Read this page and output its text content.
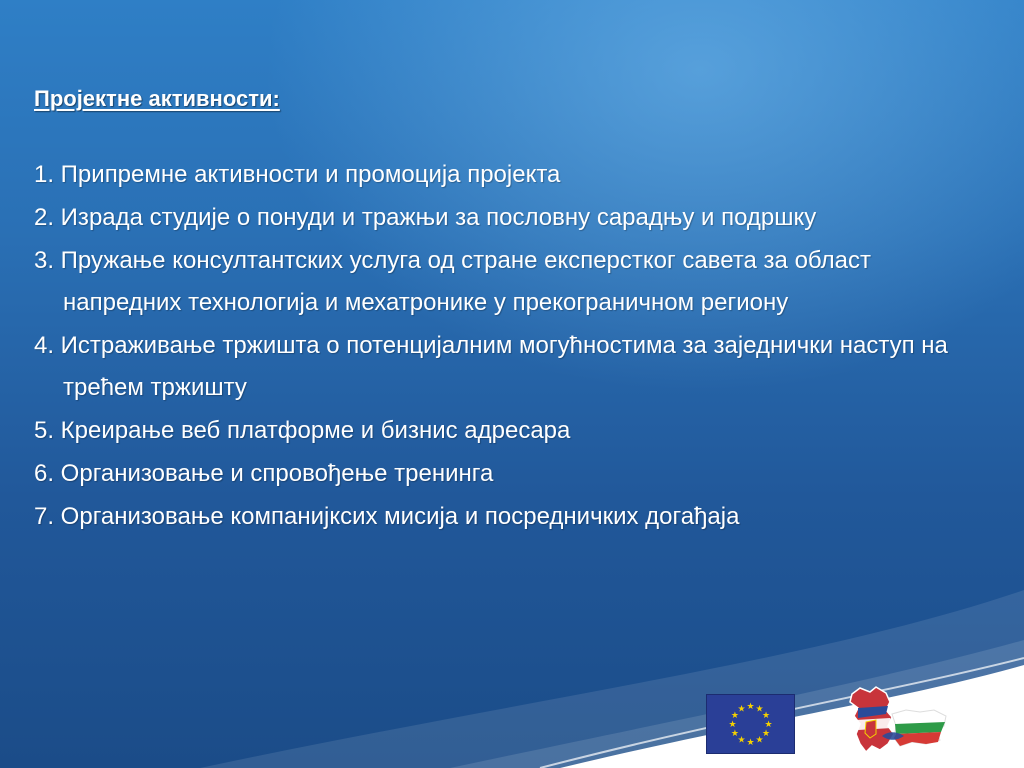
Пројектне активности:
1. Припремне активности и промоција пројекта
2. Израда студије о понуди и тражњи за пословну сарадњу и подршку
3. Пружање консултантских услуга од стране експерстког савета за област напредних технологија и мехатронике у прекограничном региону
4. Истраживање тржишта о потенцијалним могућностима за заједнички наступ на трећем тржишту
5. Креирање веб платформе и бизнис адресара
6. Организовање и спровођење тренинга
7. Организовање компанијксих мисија и посредничких догађаја
★ ★
★
★
★
★
★
★
★
★
★
★
